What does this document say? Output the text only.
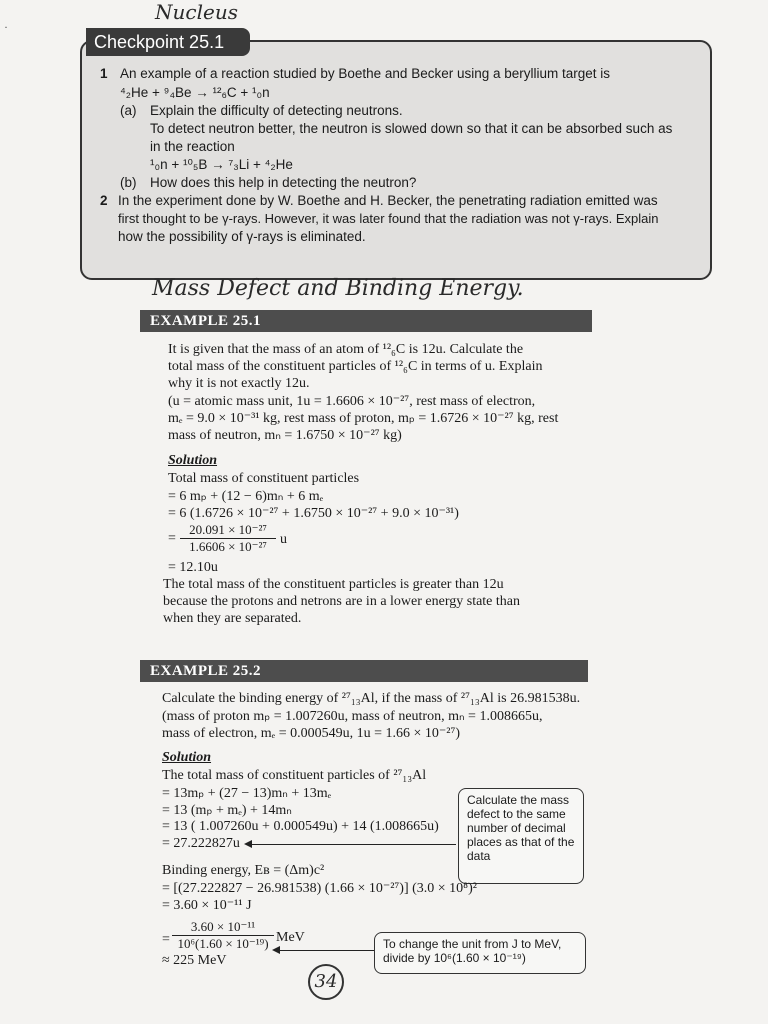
Nucleus
·
Checkpoint 25.1
1 An example of a reaction studied by Boethe and Becker using a beryllium target is
⁴₂He + ⁹₄Be → ¹²₆C + ¹₀n
(a) Explain the difficulty of detecting neutrons.
To detect neutron better, the neutron is slowed down so that it can be absorbed such as
in the reaction
¹₀n + ¹⁰₅B → ⁷₃Li + ⁴₂He
(b) How does this help in detecting the neutron?
2 In the experiment done by W. Boethe and H. Becker, the penetrating radiation emitted was
first thought to be γ-rays. However, it was later found that the radiation was not γ-rays. Explain
how the possibility of γ-rays is eliminated.
Mass Defect and Binding Energy.
EXAMPLE 25.1
It is given that the mass of an atom of ¹²₆C is 12u. Calculate the
total mass of the constituent particles of ¹²₆C in terms of u. Explain
why it is not exactly 12u.
(u = atomic mass unit, 1u = 1.6606 × 10⁻²⁷, rest mass of electron,
mₑ = 9.0 × 10⁻³¹ kg, rest mass of proton, mₚ = 1.6726 × 10⁻²⁷ kg, rest
mass of neutron, mₙ = 1.6750 × 10⁻²⁷ kg)
Solution
Total mass of constituent particles
= 6 mₚ + (12 − 6)mₙ + 6 mₑ
= 6 (1.6726 × 10⁻²⁷ + 1.6750 × 10⁻²⁷ + 9.0 × 10⁻³¹)
= $\frac{\text{20.091 × 10⁻²⁷}}{\text{1.6606 × 10⁻²⁷}}$ u
= 12.10u
The total mass of the constituent particles is greater than 12u
because the protons and netrons are in a lower energy state than
when they are separated.
EXAMPLE 25.2
Calculate the binding energy of ²⁷₁₃Al, if the mass of ²⁷₁₃Al is 26.981538u.
(mass of proton mₚ = 1.007260u, mass of neutron, mₙ = 1.008665u,
mass of electron, mₑ = 0.000549u, 1u = 1.66 × 10⁻²⁷)
Solution
The total mass of constituent particles of ²⁷₁₃Al
= 13mₚ + (27 − 13)mₙ + 13mₑ
= 13 (mₚ + mₑ) + 14mₙ
= 13 ( 1.007260u + 0.000549u) + 14 (1.008665u)
= 27.222827u
Calculate the mass defect to the same number of decimal places as that of the data
Binding energy, Eʙ = (Δm)c²
= [(27.222827 − 26.981538) (1.66 × 10⁻²⁷)] (3.0 × 10⁸)²
= 3.60 × 10⁻¹¹ J
= $\frac{\text{3.60 × 10⁻¹¹}}{\text{10⁶(1.60 × 10⁻¹⁹)}}$ MeV	To change the unit from J to MeV, divide by 10⁶(1.60 × 10⁻¹⁹)
≈ 225 MeV
34
